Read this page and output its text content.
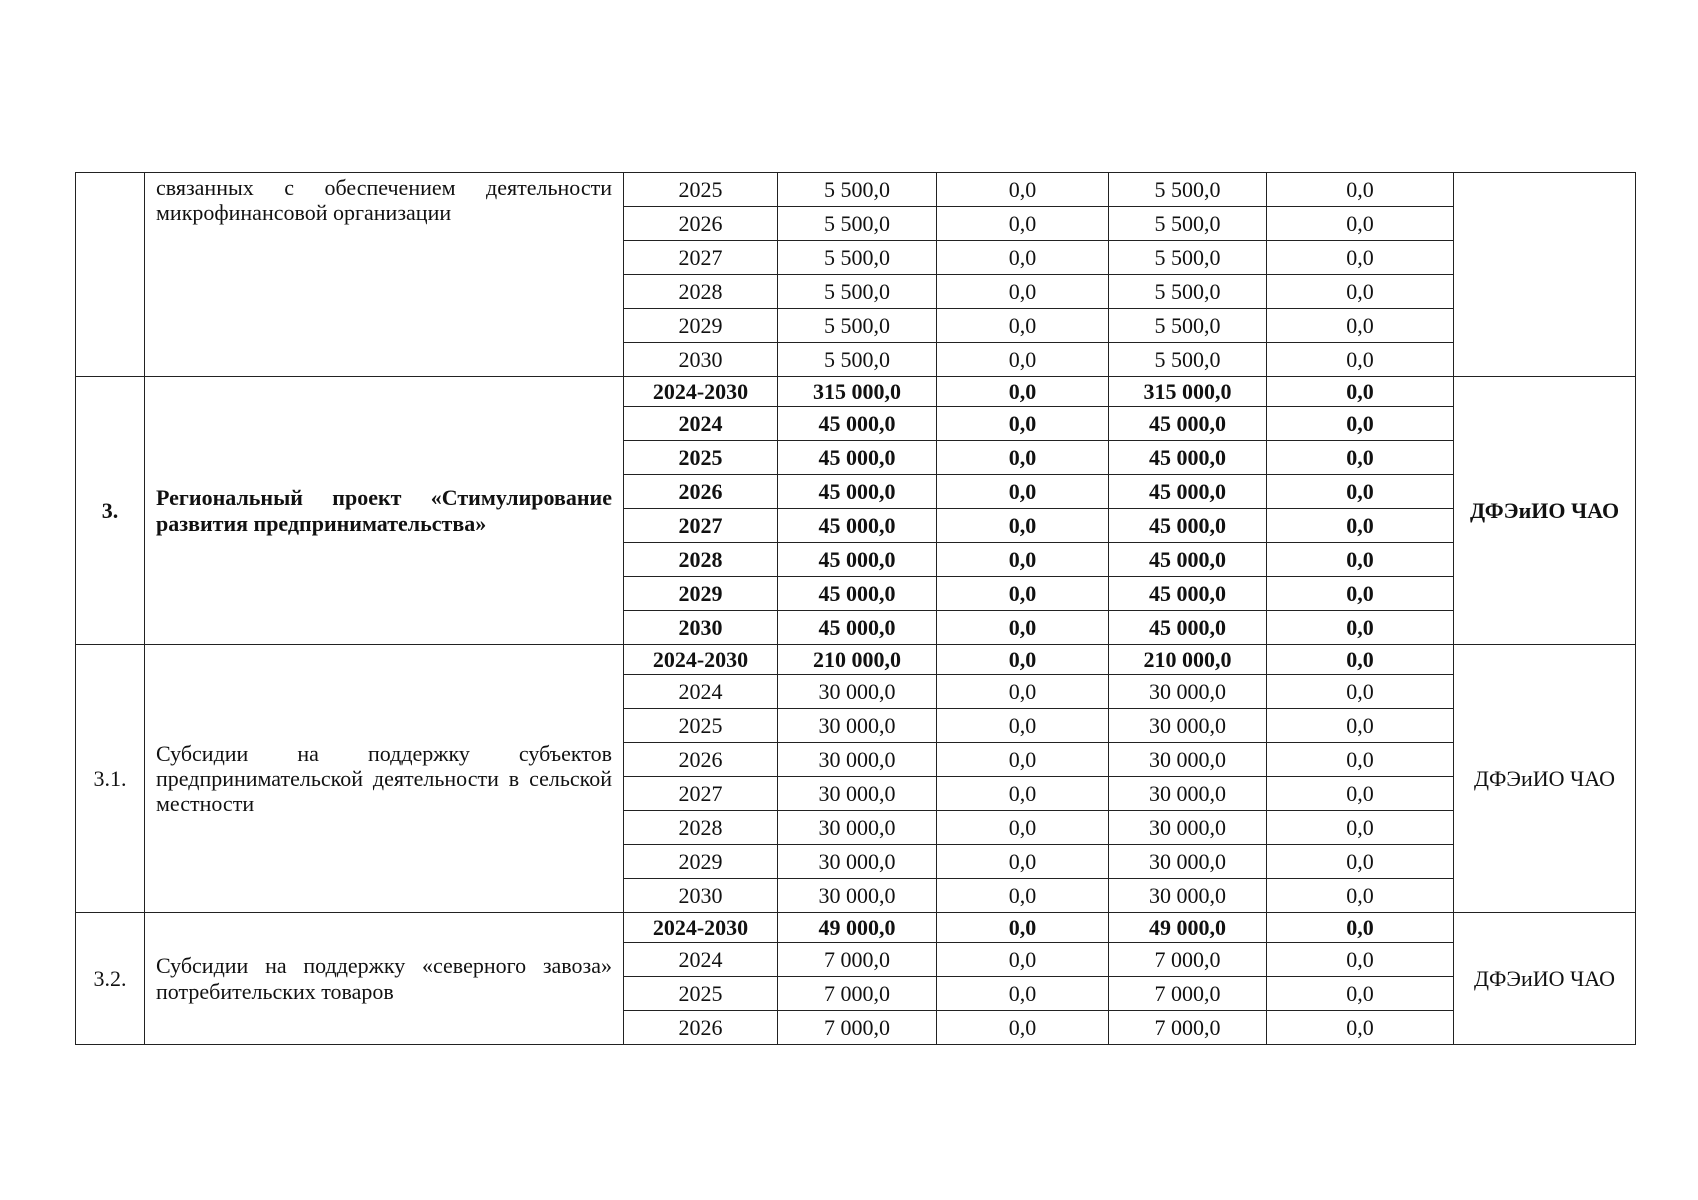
	связанных с обеспечением деятельности микрофинансовой организации	2025	5 500,0	0,0	5 500,0	0,0	
		2026	5 500,0	0,0	5 500,0	0,0	
		2027	5 500,0	0,0	5 500,0	0,0	
		2028	5 500,0	0,0	5 500,0	0,0	
		2029	5 500,0	0,0	5 500,0	0,0	
		2030	5 500,0	0,0	5 500,0	0,0	
3.	Региональный проект «Стимулирование развития предпринимательства»	2024-2030	315 000,0	0,0	315 000,0	0,0	ДФЭиИО ЧАО
		2024	45 000,0	0,0	45 000,0	0,0	
		2025	45 000,0	0,0	45 000,0	0,0	
		2026	45 000,0	0,0	45 000,0	0,0	
		2027	45 000,0	0,0	45 000,0	0,0	
		2028	45 000,0	0,0	45 000,0	0,0	
		2029	45 000,0	0,0	45 000,0	0,0	
		2030	45 000,0	0,0	45 000,0	0,0	
3.1.	Субсидии на поддержку субъектов предпринимательской деятельности в сельской местности	2024-2030	210 000,0	0,0	210 000,0	0,0	ДФЭиИО ЧАО
		2024	30 000,0	0,0	30 000,0	0,0	
		2025	30 000,0	0,0	30 000,0	0,0	
		2026	30 000,0	0,0	30 000,0	0,0	
		2027	30 000,0	0,0	30 000,0	0,0	
		2028	30 000,0	0,0	30 000,0	0,0	
		2029	30 000,0	0,0	30 000,0	0,0	
		2030	30 000,0	0,0	30 000,0	0,0	
3.2.	Субсидии на поддержку «северного завоза» потребительских товаров	2024-2030	49 000,0	0,0	49 000,0	0,0	ДФЭиИО ЧАО
		2024	7 000,0	0,0	7 000,0	0,0	
		2025	7 000,0	0,0	7 000,0	0,0	
		2026	7 000,0	0,0	7 000,0	0,0	
